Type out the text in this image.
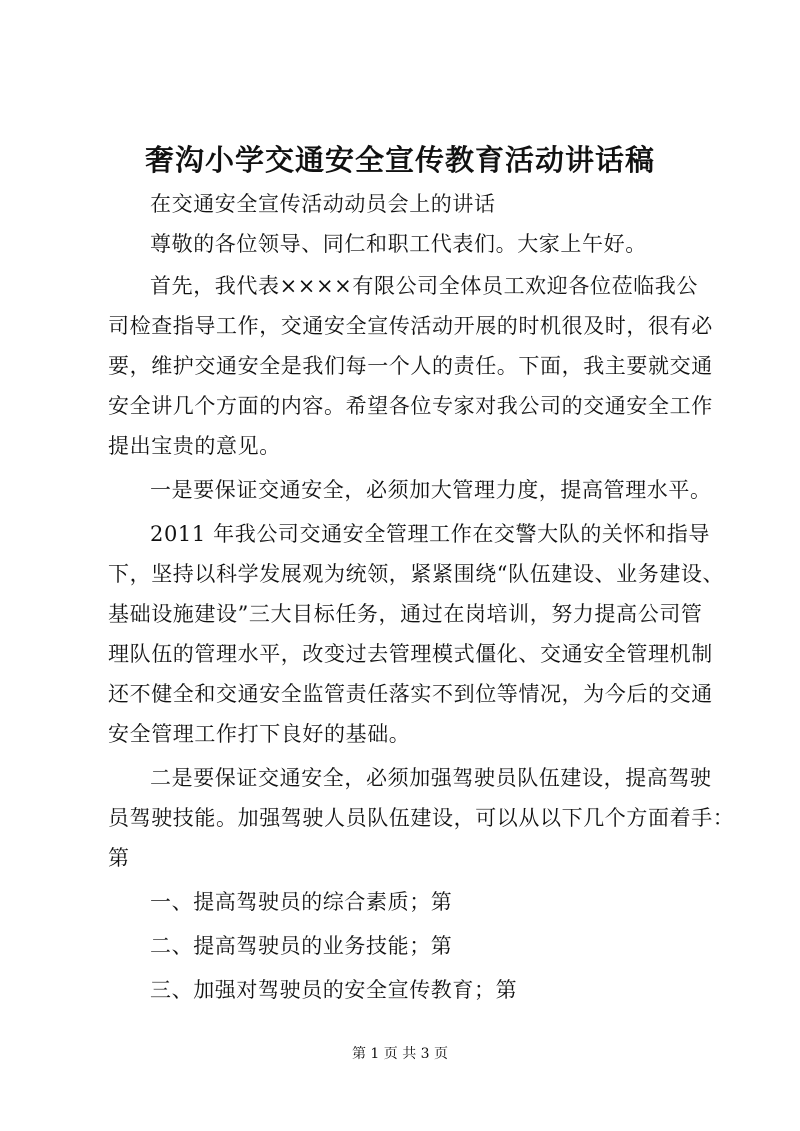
奢沟小学交通安全宣传教育活动讲话稿
在交通安全宣传活动动员会上的讲话
尊敬的各位领导、同仁和职工代表们。大家上午好。
首先，我代表××××有限公司全体员工欢迎各位莅临我公
司检查指导工作，交通安全宣传活动开展的时机很及时，很有必
要，维护交通安全是我们每一个人的责任。下面，我主要就交通
安全讲几个方面的内容。希望各位专家对我公司的交通安全工作
提出宝贵的意见。
一是要保证交通安全，必须加大管理力度，提高管理水平。
2011 年我公司交通安全管理工作在交警大队的关怀和指导
下，坚持以科学发展观为统领，紧紧围绕“队伍建设、业务建设、
基础设施建设”三大目标任务，通过在岗培训，努力提高公司管
理队伍的管理水平，改变过去管理模式僵化、交通安全管理机制
还不健全和交通安全监管责任落实不到位等情况，为今后的交通
安全管理工作打下良好的基础。
二是要保证交通安全，必须加强驾驶员队伍建设，提高驾驶
员驾驶技能。加强驾驶人员队伍建设，可以从以下几个方面着手：
第
一、提高驾驶员的综合素质；第
二、提高驾驶员的业务技能；第
三、加强对驾驶员的安全宣传教育；第
第 1 页 共 3 页
